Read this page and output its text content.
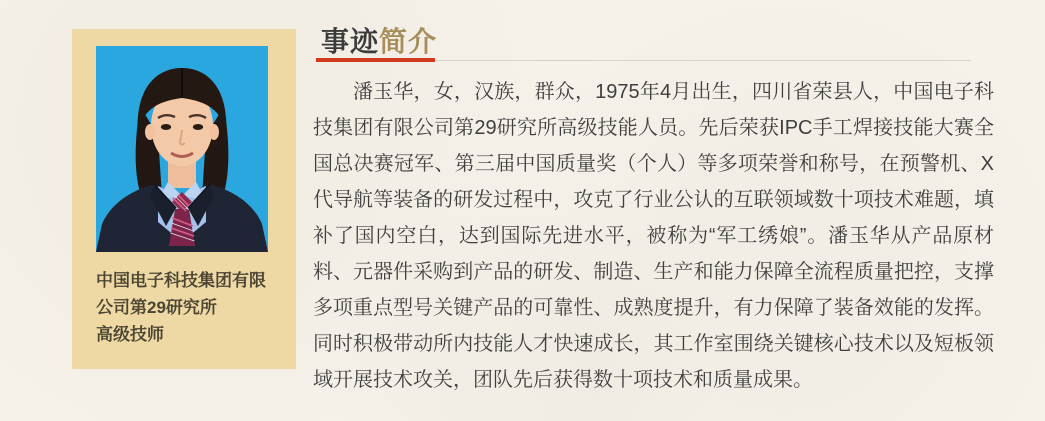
中国电子科技集团有限
公司第29研究所
高级技师
事迹简介

潘玉华，女，汉族，群众，1975年4月出生，四川省荣县人，中国电子科技集团有限公司第29研究所高级技能人员。先后荣获IPC手工焊接技能大赛全国总决赛冠军、第三届中国质量奖（个人）等多项荣誉和称号，在预警机、X代导航等装备的研发过程中，攻克了行业公认的互联领域数十项技术难题，填补了国内空白，达到国际先进水平，被称为“军工绣娘”。潘玉华从产品原材料、元器件采购到产品的研发、制造、生产和能力保障全流程质量把控，支撑多项重点型号关键产品的可靠性、成熟度提升，有力保障了装备效能的发挥。同时积极带动所内技能人才快速成长，其工作室围绕关键核心技术以及短板领域开展技术攻关，团队先后获得数十项技术和质量成果。
